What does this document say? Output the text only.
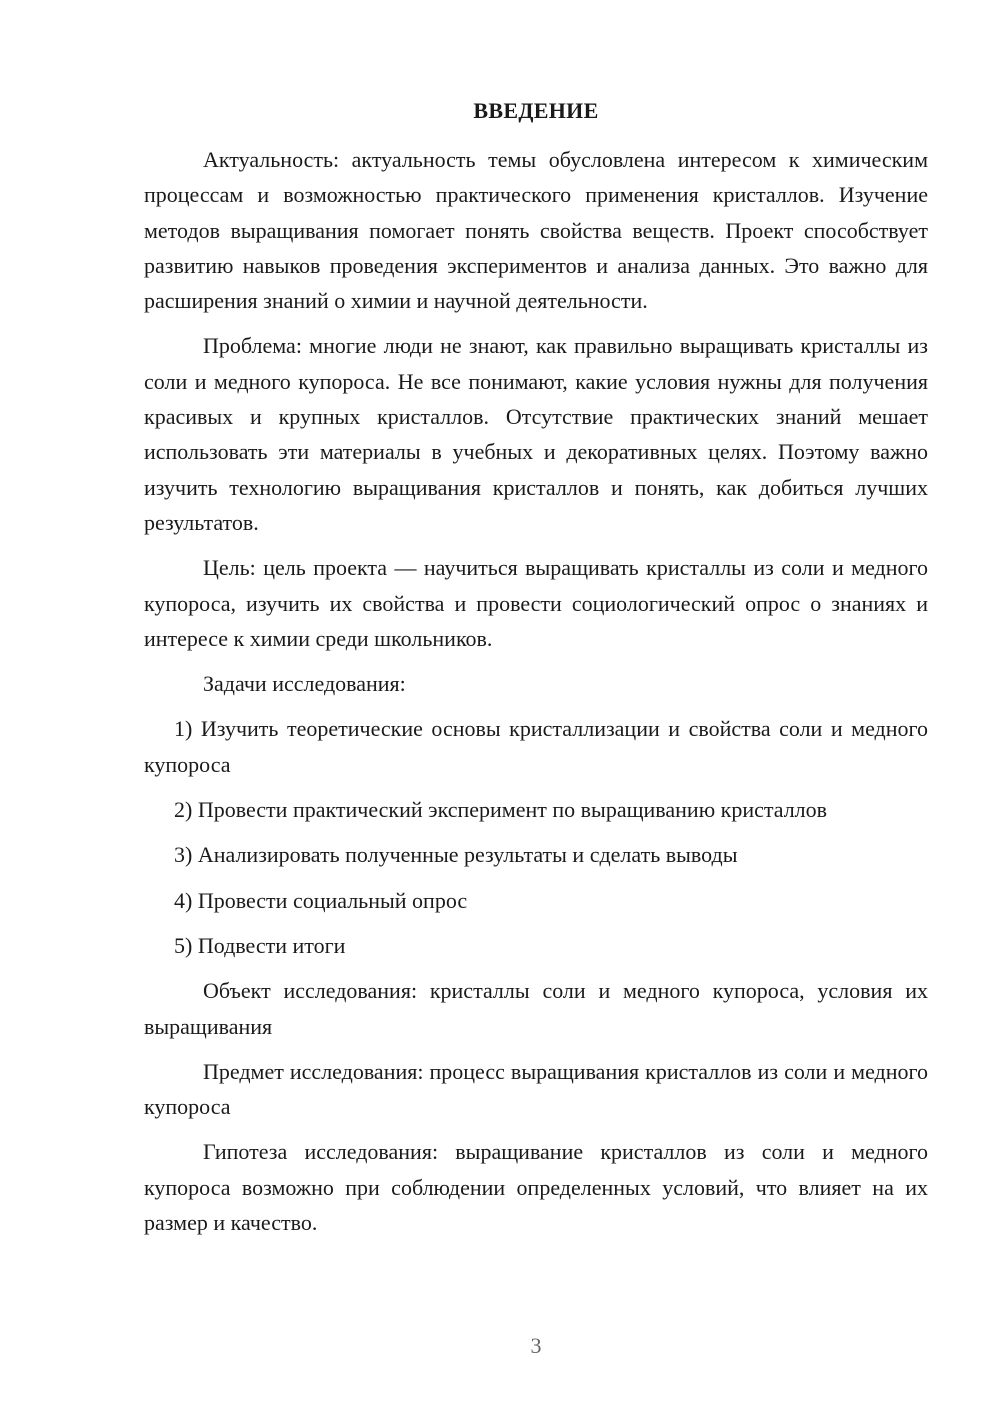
ВВЕДЕНИЕ

Актуальность: актуальность темы обусловлена интересом к химическим процессам и возможностью практического применения кристаллов. Изучение методов выращивания помогает понять свойства веществ. Проект способствует развитию навыков проведения экспериментов и анализа данных. Это важно для расширения знаний о химии и научной деятельности.

Проблема: многие люди не знают, как правильно выращивать кристаллы из соли и медного купороса. Не все понимают, какие условия нужны для получения красивых и крупных кристаллов. Отсутствие практических знаний мешает использовать эти материалы в учебных и декоративных целях. Поэтому важно изучить технологию выращивания кристаллов и понять, как добиться лучших результатов.

Цель: цель проекта — научиться выращивать кристаллы из соли и медного купороса, изучить их свойства и провести социологический опрос о знаниях и интересе к химии среди школьников.

Задачи исследования:

1) Изучить теоретические основы кристаллизации и свойства соли и медного купороса

2) Провести практический эксперимент по выращиванию кристаллов

3) Анализировать полученные результаты и сделать выводы

4) Провести социальный опрос

5) Подвести итоги

Объект исследования: кристаллы соли и медного купороса, условия их выращивания

Предмет исследования: процесс выращивания кристаллов из соли и медного купороса

Гипотеза исследования: выращивание кристаллов из соли и медного купороса возможно при соблюдении определенных условий, что влияет на их размер и качество.

3
